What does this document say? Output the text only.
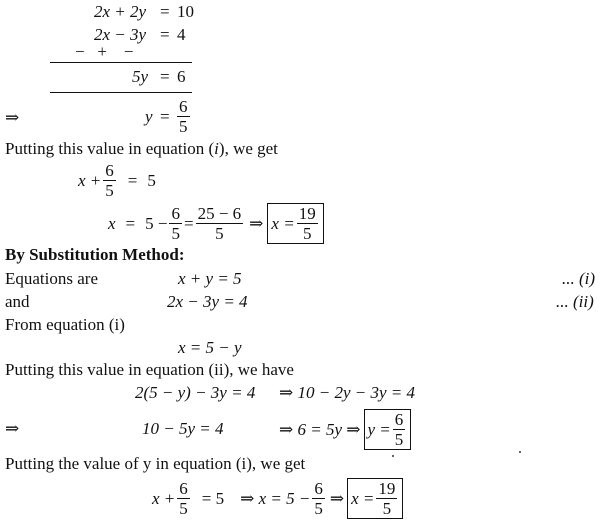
2x + 2y = 10
2x − 3y = 4
−   +    −
5y = 6
⇒	$y = \frac{6}{5}$
Putting this value in equation (i), we get
$x + \frac{6}{5} = 5$
$x = 5 - \frac{6}{5} = \frac{25 - 6}{5}$ ⇒ $x = \frac{19}{5}$
By Substitution Method:
Equations are	x + y = 5	... (i)
and	2x − 3y = 4	... (ii)
From equation (i)
x = 5 − y
Putting this value in equation (ii), we have
2(5 − y) − 3y = 4 ⇒ 10 − 2y − 3y = 4
⇒	10 − 5y = 4	⇒ 6 = 5y ⇒ $y = \frac{6}{5}$
Putting the value of y in equation (i), we get
$x + \frac{6}{5} = 5$ ⇒ $x = 5 - \frac{6}{5}$ ⇒ $x = \frac{19}{5}$
